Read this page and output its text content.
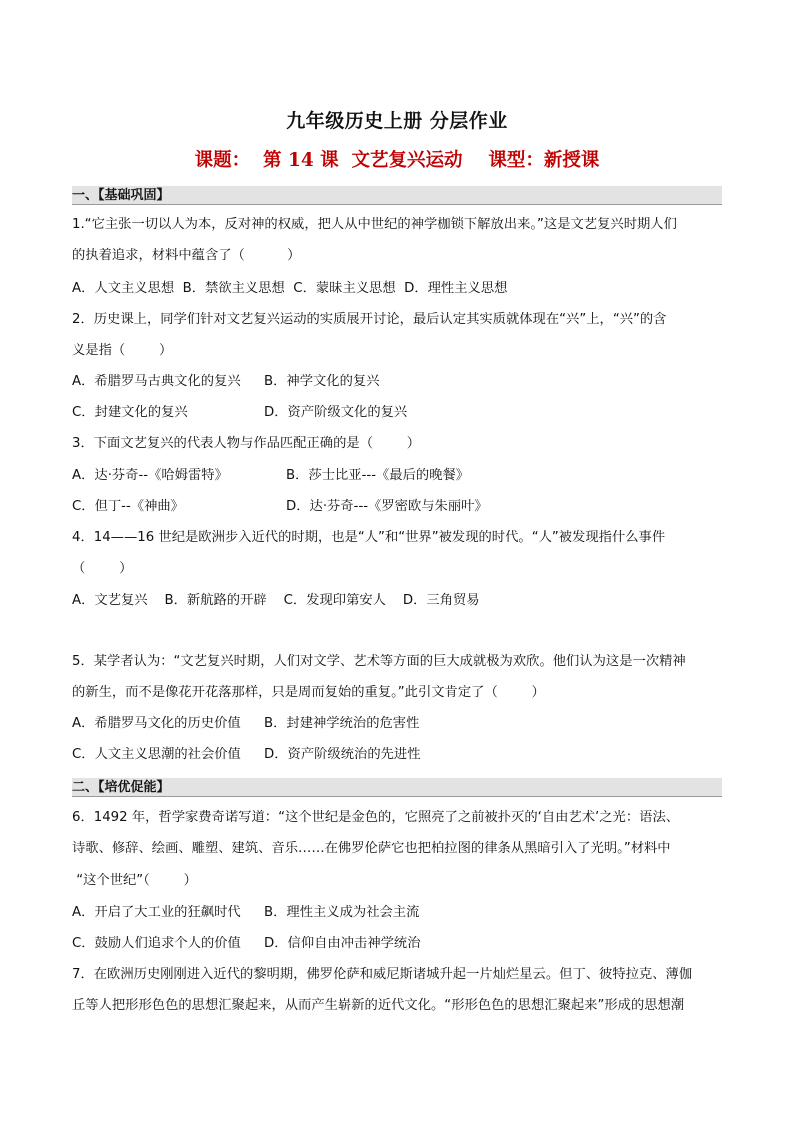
九年级历史上册 分层作业
课题：  第 14 课  文艺复兴运动    课型：新授课
一、【基础巩固】
1.“它主张一切以人为本，反对神的权威，把人从中世纪的神学枷锁下解放出来。”这是文艺复兴时期人们
的执着追求，材料中蕴含了（          ）
A．人文主义思想  B．禁欲主义思想  C．蒙昧主义思想  D．理性主义思想
2．历史课上，同学们针对文艺复兴运动的实质展开讨论，最后认定其实质就体现在“兴”上，“兴”的含
义是指（        ）
A．希腊罗马古典文化的复兴 B．神学文化的复兴
C．封建文化的复兴	D．资产阶级文化的复兴
3．下面文艺复兴的代表人物与作品匹配正确的是（        ）
A．达·芬奇--《哈姆雷特》	B．莎士比亚---《最后的晚餐》
C．但丁--《神曲》	D．达·芬奇---《罗密欧与朱丽叶》
4．14——16 世纪是欧洲步入近代的时期，也是“人”和“世界”被发现的时代。“人”被发现指什么事件
（        ）
A．文艺复兴    B．新航路的开辟    C．发现印第安人    D．三角贸易
5．某学者认为：“文艺复兴时期，人们对文学、艺术等方面的巨大成就极为欢欣。他们认为这是一次精神
的新生，而不是像花开花落那样，只是周而复始的重复。”此引文肯定了（        ）
A．希腊罗马文化的历史价值 B．封建神学统治的危害性
C．人文主义思潮的社会价值 D．资产阶级统治的先进性
二、【培优促能】
6．1492 年，哲学家费奇诺写道：“这个世纪是金色的，它照亮了之前被扑灭的‘自由艺术’之光：语法、
诗歌、修辞、绘画、雕塑、建筑、音乐……在佛罗伦萨它也把柏拉图的律条从黑暗引入了光明。”材料中
“这个世纪”（        ）
A．开启了大工业的狂飙时代 B．理性主义成为社会主流
C．鼓励人们追求个人的价值 D．信仰自由冲击神学统治
7．在欧洲历史刚刚进入近代的黎明期，佛罗伦萨和威尼斯诸城升起一片灿烂星云。但丁、彼特拉克、薄伽
丘等人把形形色色的思想汇聚起来，从而产生崭新的近代文化。“形形色色的思想汇聚起来”形成的思想潮
